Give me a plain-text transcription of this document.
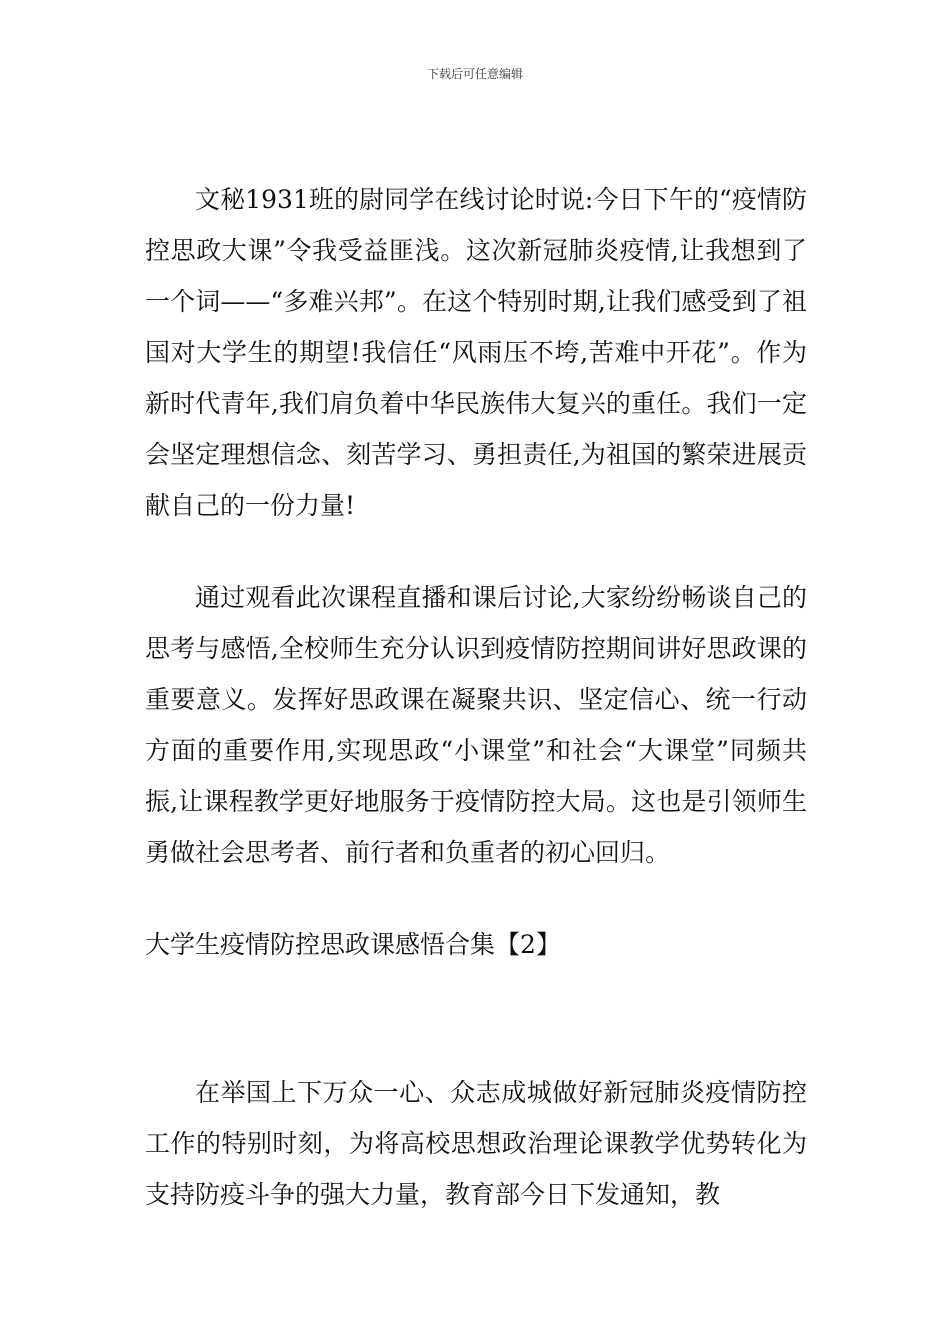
下载后可任意编辑

文秘1931班的尉同学在线讨论时说:今日下午的“疫情防控思政大课”令我受益匪浅。这次新冠肺炎疫情,让我想到了一个词——“多难兴邦”。在这个特别时期,让我们感受到了祖国对大学生的期望!我信任“风雨压不垮,苦难中开花”。作为新时代青年,我们肩负着中华民族伟大复兴的重任。我们一定会坚定理想信念、刻苦学习、勇担责任,为祖国的繁荣进展贡献自己的一份力量!

通过观看此次课程直播和课后讨论,大家纷纷畅谈自己的思考与感悟,全校师生充分认识到疫情防控期间讲好思政课的重要意义。发挥好思政课在凝聚共识、坚定信心、统一行动方面的重要作用,实现思政“小课堂”和社会“大课堂”同频共振,让课程教学更好地服务于疫情防控大局。这也是引领师生勇做社会思考者、前行者和负重者的初心回归。

大学生疫情防控思政课感悟合集【2】

在举国上下万众一心、众志成城做好新冠肺炎疫情防控工作的特别时刻，为将高校思想政治理论课教学优势转化为支持防疫斗争的强大力量，教育部今日下发通知，教
